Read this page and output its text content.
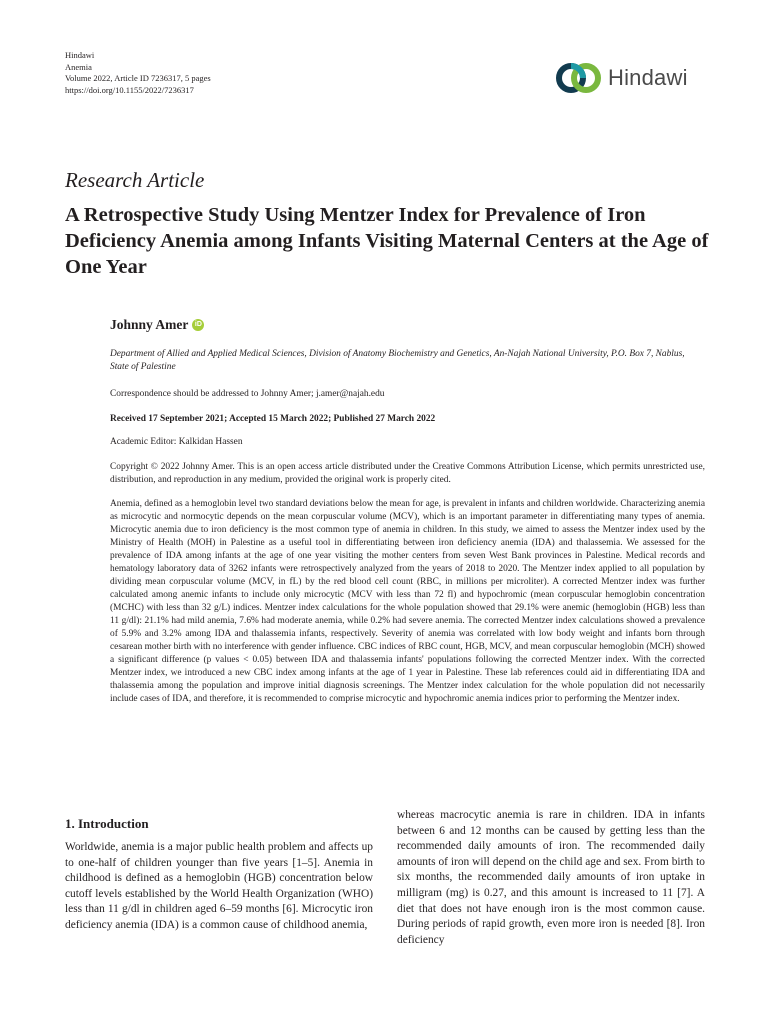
Hindawi
Anemia
Volume 2022, Article ID 7236317, 5 pages
https://doi.org/10.1155/2022/7236317	Hindawi
Research Article
A Retrospective Study Using Mentzer Index for Prevalence of Iron Deficiency Anemia among Infants Visiting Maternal Centers at the Age of One Year
Johnny Amer iD
Department of Allied and Applied Medical Sciences, Division of Anatomy Biochemistry and Genetics, An-Najah National University, P.O. Box 7, Nablus, State of Palestine
Correspondence should be addressed to Johnny Amer; j.amer@najah.edu
Received 17 September 2021; Accepted 15 March 2022; Published 27 March 2022
Academic Editor: Kalkidan Hassen
Copyright © 2022 Johnny Amer. This is an open access article distributed under the Creative Commons Attribution License, which permits unrestricted use, distribution, and reproduction in any medium, provided the original work is properly cited.
Anemia, defined as a hemoglobin level two standard deviations below the mean for age, is prevalent in infants and children worldwide. Characterizing anemia as microcytic and normocytic depends on the mean corpuscular volume (MCV), which is an important parameter in differentiating many types of anemia. Microcytic anemia due to iron deficiency is the most common type of anemia in children. In this study, we aimed to assess the Mentzer index used by the Ministry of Health (MOH) in Palestine as a useful tool in differentiating between iron deficiency anemia (IDA) and thalassemia. We assessed for the prevalence of IDA among infants at the age of one year visiting the mother centers from seven West Bank provinces in Palestine. Medical records and hematology laboratory data of 3262 infants were retrospectively analyzed from the years of 2018 to 2020. The Mentzer index applied to all population by dividing mean corpuscular volume (MCV, in fL) by the red blood cell count (RBC, in millions per microliter). A corrected Mentzer index was further calculated among anemic infants to include only microcytic (MCV with less than 72 fl) and hypochromic (mean corpuscular hemoglobin concentration (MCHC) with less than 32 g/L) indices. Mentzer index calculations for the whole population showed that 29.1% were anemic (hemoglobin (HGB) less than 11 g/dl): 21.1% had mild anemia, 7.6% had moderate anemia, while 0.2% had severe anemia. The corrected Mentzer index calculations showed a prevalence of 5.9% and 3.2% among IDA and thalassemia infants, respectively. Severity of anemia was correlated with low body weight and infants born through cesarean mother birth with no interference with gender influence. CBC indices of RBC count, HGB, MCV, and mean corpuscular hemoglobin (MCH) showed a significant difference (p values < 0.05) between IDA and thalassemia infants' populations following the corrected Mentzer index. With the corrected Mentzer index, we introduced a new CBC index among infants at the age of 1 year in Palestine. These lab references could aid in differentiating IDA and thalassemia among the population and improve initial diagnosis screenings. The Mentzer index calculation for the whole population did not necessarily include cases of IDA, and therefore, it is recommended to comprise microcytic and hypochromic anemia indices prior to performing the Mentzer index.
1. Introduction

Worldwide, anemia is a major public health problem and affects up to one-half of children younger than five years [1–5]. Anemia in childhood is defined as a hemoglobin (HGB) concentration below cutoff levels established by the World Health Organization (WHO) less than 11 g/dl in children aged 6–59 months [6]. Microcytic iron deficiency anemia (IDA) is a common cause of childhood anemia,

whereas macrocytic anemia is rare in children. IDA in infants between 6 and 12 months can be caused by getting less than the recommended daily amounts of iron. The recommended daily amounts of iron will depend on the child age and sex. From birth to six months, the recommended daily amounts of iron uptake in milligram (mg) is 0.27, and this amount is increased to 11 [7]. A diet that does not have enough iron is the most common cause. During periods of rapid growth, even more iron is needed [8]. Iron deficiency
